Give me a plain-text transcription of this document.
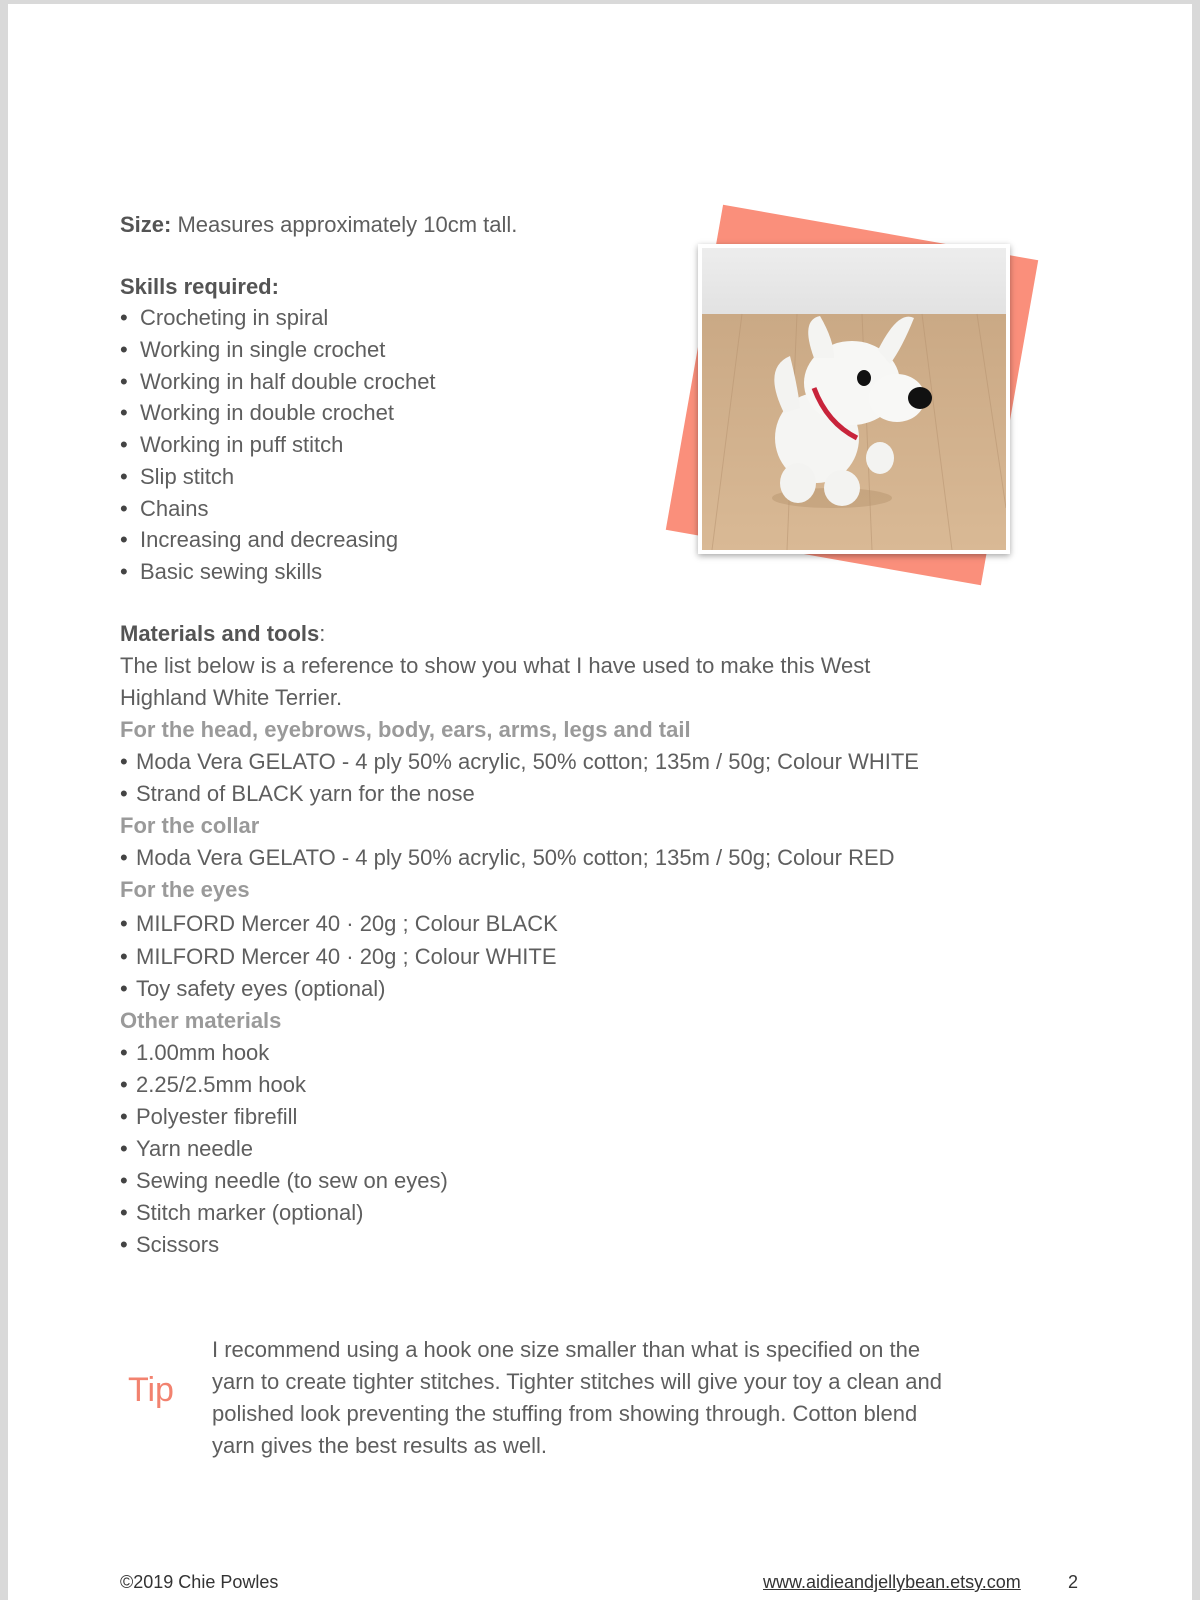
Size: Measures approximately 10cm tall.
Skills required:
• Crocheting in spiral
• Working in single crochet
• Working in half double crochet
• Working in double crochet
• Working in puff stitch
• Slip stitch
• Chains
• Increasing and decreasing
• Basic sewing skills
Materials and tools:
The list below is a reference to show you what I have used to make this West
Highland White Terrier.
For the head, eyebrows, body, ears, arms, legs and tail
• Moda Vera GELATO - 4 ply 50% acrylic, 50% cotton; 135m / 50g; Colour WHITE
• Strand of BLACK yarn for the nose
For the collar
• Moda Vera GELATO - 4 ply 50% acrylic, 50% cotton; 135m / 50g; Colour RED
For the eyes
• MILFORD Mercer 40 · 20g ; Colour BLACK
• MILFORD Mercer 40 · 20g ; Colour WHITE
• Toy safety eyes (optional)
Other materials
• 1.00mm hook
• 2.25/2.5mm hook
• Polyester fibrefill
• Yarn needle
• Sewing needle (to sew on eyes)
• Stitch marker (optional)
• Scissors
Tip
I recommend using a hook one size smaller than what is specified on the
yarn to create tighter stitches. Tighter stitches will give your toy a clean and
polished look preventing the stuffing from showing through. Cotton blend
yarn gives the best results as well.
©2019 Chie Powles	www.aidieandjellybean.etsy.com	2
